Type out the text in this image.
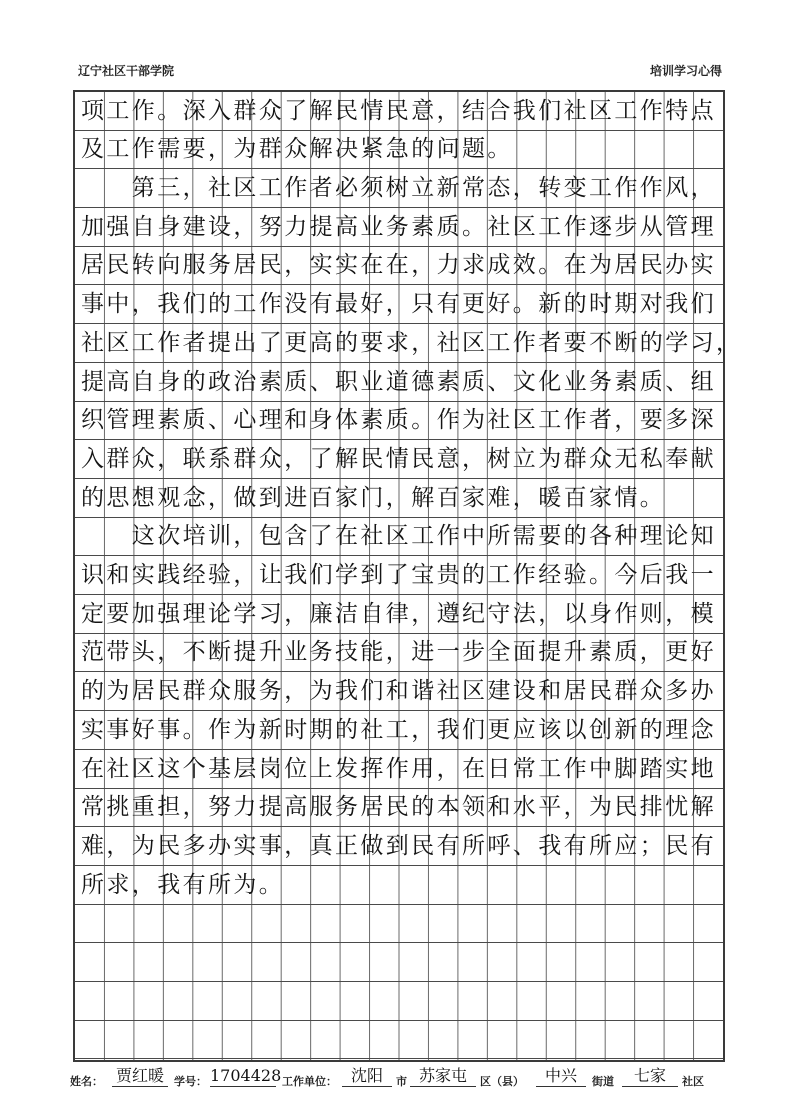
辽宁社区干部学院	培训学习心得
项工作。深入群众了解民情民意，结合我们社区工作特点
及工作需要，为群众解决紧急的问题。
　　第三，社区工作者必须树立新常态，转变工作作风，
加强自身建设，努力提高业务素质。社区工作逐步从管理
居民转向服务居民，实实在在，力求成效。在为居民办实
事中，我们的工作没有最好，只有更好。新的时期对我们
社区工作者提出了更高的要求，社区工作者要不断的学习，
提高自身的政治素质、职业道德素质、文化业务素质、组
织管理素质、心理和身体素质。作为社区工作者，要多深
入群众，联系群众，了解民情民意，树立为群众无私奉献
的思想观念，做到进百家门，解百家难，暖百家情。
　　这次培训，包含了在社区工作中所需要的各种理论知
识和实践经验，让我们学到了宝贵的工作经验。今后我一
定要加强理论学习，廉洁自律，遵纪守法，以身作则，模
范带头，不断提升业务技能，进一步全面提升素质，更好
的为居民群众服务，为我们和谐社区建设和居民群众多办
实事好事。作为新时期的社工，我们更应该以创新的理念
在社区这个基层岗位上发挥作用，在日常工作中脚踏实地
常挑重担，努力提高服务居民的本领和水平，为民排忧解
难，为民多办实事，真正做到民有所呼、我有所应；民有
所求，我有所为。
姓名： 贾红暖 学号： 1704428 工作单位： 沈阳	市 苏家屯	区（县）	中兴	街道	七家	社区
